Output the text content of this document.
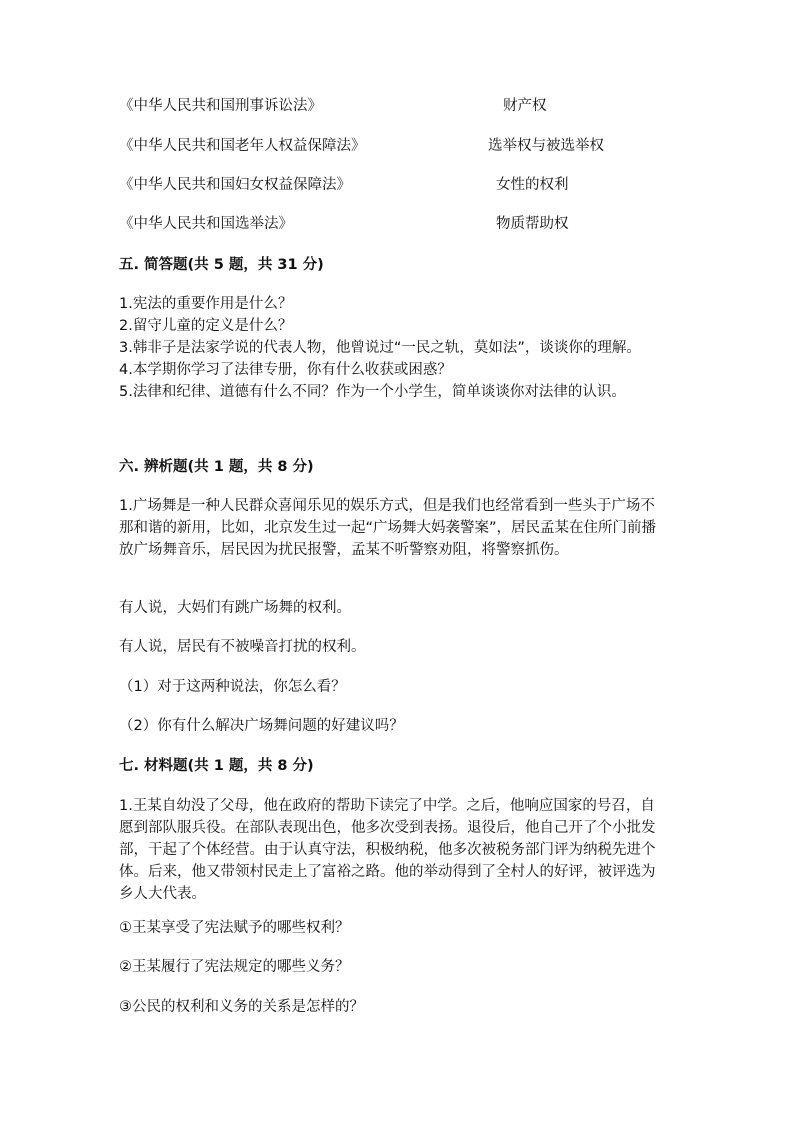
《中华人民共和国刑事诉讼法》	财产权
《中华人民共和国老年人权益保障法》	选举权与被选举权
《中华人民共和国妇女权益保障法》	女性的权利
《中华人民共和国选举法》	物质帮助权
五. 简答题(共 5 题，共 31 分)
1.宪法的重要作用是什么？
2.留守儿童的定义是什么？
3.韩非子是法家学说的代表人物，他曾说过“一民之轨，莫如法”，谈谈你的理解。
4.本学期你学习了法律专册，你有什么收获或困惑？
5.法律和纪律、道德有什么不同？作为一个小学生，简单谈谈你对法律的认识。
六. 辨析题(共 1 题，共 8 分)
1.广场舞是一种人民群众喜闻乐见的娱乐方式，但是我们也经常看到一些头于广场不那和谐的新用，比如，北京发生过一起“广场舞大妈袭警案”，居民孟某在住所门前播放广场舞音乐，居民因为扰民报警，孟某不听警察劝阻，将警察抓伤。
有人说，大妈们有跳广场舞的权利。
有人说，居民有不被噪音打扰的权利。
（1）对于这两种说法，你怎么看？
（2）你有什么解决广场舞问题的好建议吗？
七. 材料题(共 1 题，共 8 分)
1.王某自幼没了父母，他在政府的帮助下读完了中学。之后，他响应国家的号召，自愿到部队服兵役。在部队表现出色，他多次受到表扬。退役后，他自己开了个小批发部，干起了个体经营。由于认真守法，积极纳税，他多次被税务部门评为纳税先进个体。后来，他又带领村民走上了富裕之路。他的举动得到了全村人的好评，被评选为乡人大代表。
①王某享受了宪法赋予的哪些权利？
②王某履行了宪法规定的哪些义务？
③公民的权利和义务的关系是怎样的？
